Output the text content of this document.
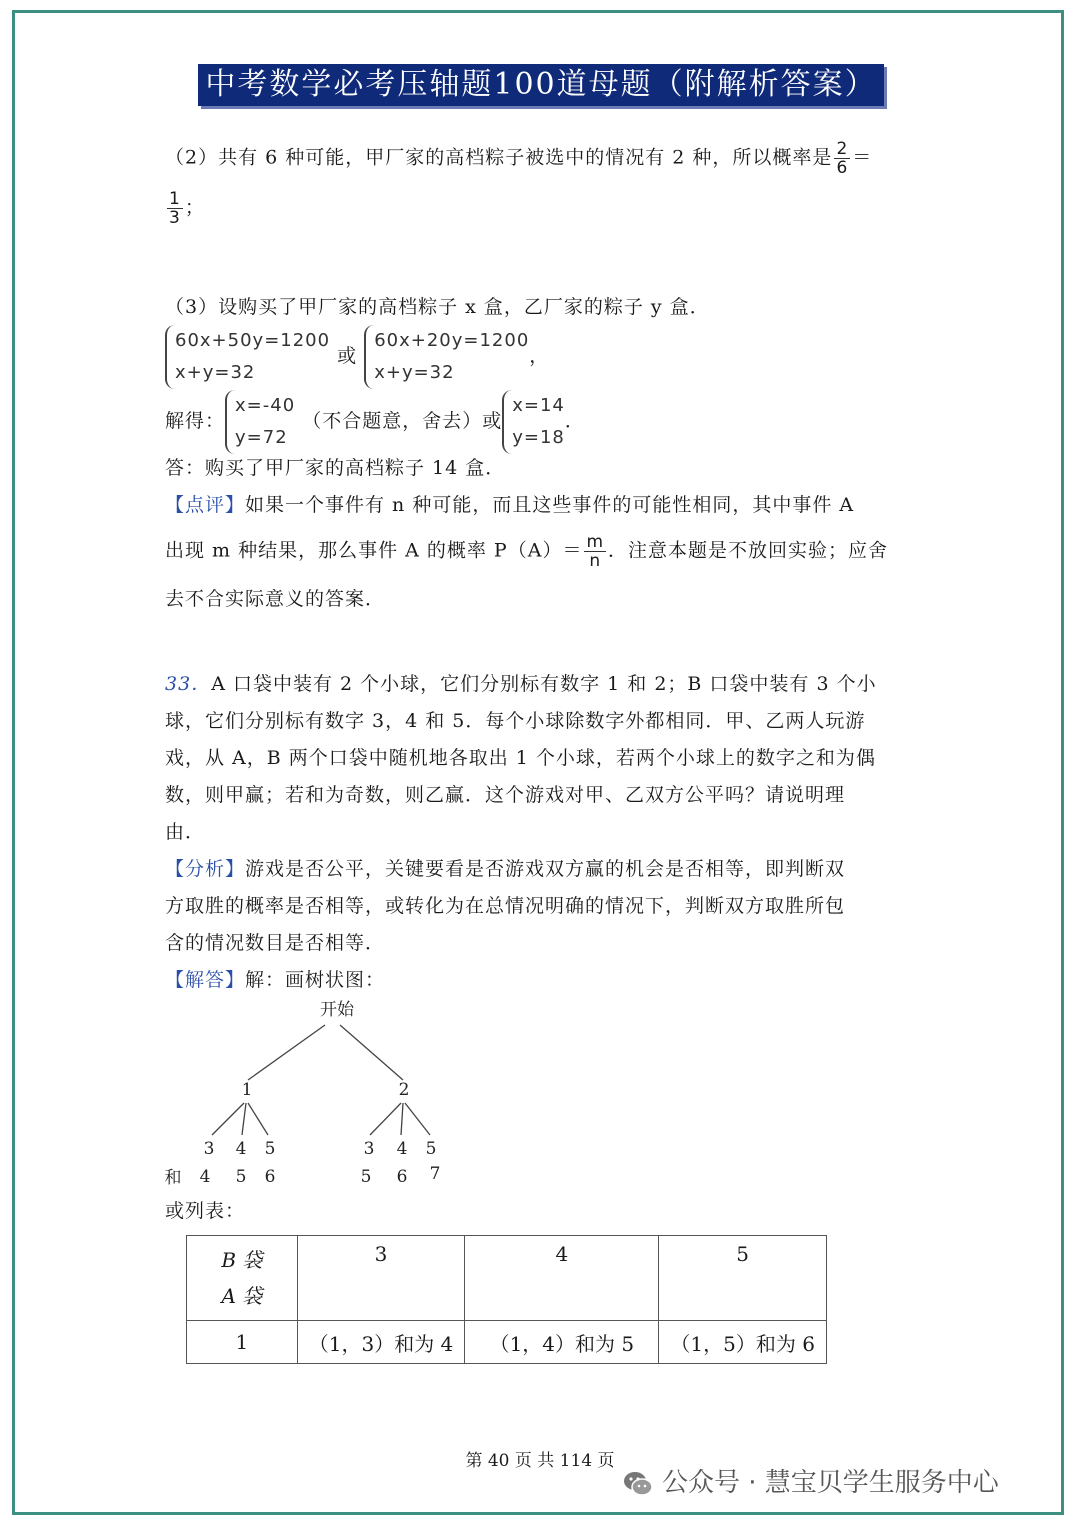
中考数学必考压轴题100道母题（附解析答案）
（2）共有 6 种可能，甲厂家的高档粽子被选中的情况有 2 种，所以概率是 $\frac{2}{6}$ ＝
$\frac{1}{3}$ ；
（3）设购买了甲厂家的高档粽子 x 盒，乙厂家的粽子 y 盒．
60x+50y=1200
x+y=32 或 60x+20y=1200
x+y=32，
解得：x=-40
y=72 （不合题意，舍去）或x=14
y=18．
答：购买了甲厂家的高档粽子 14 盒．
【点评】如果一个事件有 n 种可能，而且这些事件的可能性相同，其中事件 A
出现 m 种结果，那么事件 A 的概率 $P(A)= \frac{m}{n}$ ．注意本题是不放回实验；应舍
去不合实际意义的答案．
33．A 口袋中装有 2 个小球，它们分别标有数字 1 和 2；B 口袋中装有 3 个小
球，它们分别标有数字 3，4 和 5．每个小球除数字外都相同．甲、乙两人玩游
戏，从 A，B 两个口袋中随机地各取出 1 个小球，若两个小球上的数字之和为偶
数，则甲赢；若和为奇数，则乙赢．这个游戏对甲、乙双方公平吗？请说明理
由．
【分析】游戏是否公平，关键要看是否游戏双方赢的机会是否相等，即判断双
方取胜的概率是否相等，或转化为在总情况明确的情况下，判断双方取胜所包
含的情况数目是否相等．
【解答】解：画树状图：
开始
1	2
3 4 5	3 4 5
和 4 5 6	5 6 7
或列表：
B 袋
A 袋	3	4	5
1	（1，3）和为 4	（1，4）和为 5	（1，5）和为 6
第 40 页 共 114 页
公众号 · 慧宝贝学生服务中心
